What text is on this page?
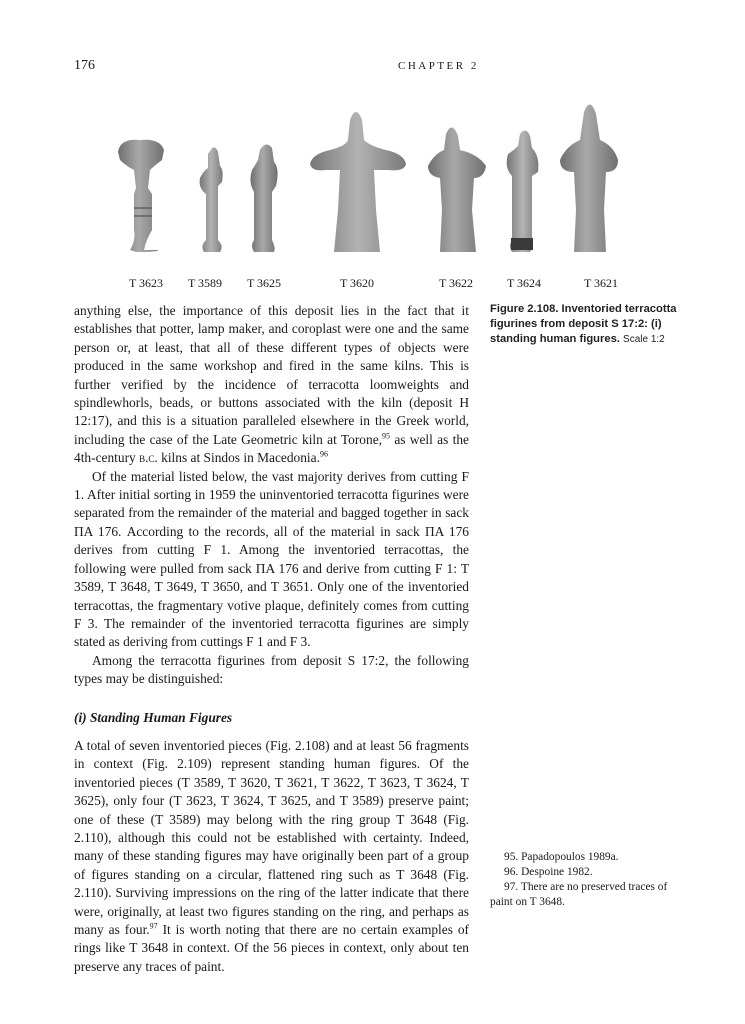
176	CHAPTER 2
T 3623 T 3589 T 3625	T 3620	T 3622	T 3624	T 3621
Figure 2.108. Inventoried terracotta figurines from deposit S 17:2: (i) standing human figures. Scale 1:2

anything else, the importance of this deposit lies in the fact that it establishes that potter, lamp maker, and coroplast were one and the same person or, at least, that all of these different types of objects were produced in the same workshop and fired in the same kilns. This is further verified by the incidence of terracotta loomweights and spindlewhorls, beads, or buttons associated with the kiln (deposit H 12:17), and this is a situation paralleled elsewhere in the Greek world, including the case of the Late Geometric kiln at Torone,$^{95}$ as well as the 4th-century b.c. kilns at Sindos in Macedonia.$^{96}$

Of the material listed below, the vast majority derives from cutting F 1. After initial sorting in 1959 the uninventoried terracotta figurines were separated from the remainder of the material and bagged together in sack ΠΑ 176. According to the records, all of the material in sack ΠΑ 176 derives from cutting F 1. Among the inventoried terracottas, the following were pulled from sack ΠΑ 176 and derive from cutting F 1: T 3589, T 3648, T 3649, T 3650, and T 3651. Only one of the inventoried terracottas, the fragmentary votive plaque, definitely comes from cutting F 3. The remainder of the inventoried terracotta figurines are simply stated as deriving from cuttings F 1 and F 3.

Among the terracotta figurines from deposit S 17:2, the following types may be distinguished:

(i) Standing Human Figures

A total of seven inventoried pieces (Fig. 2.108) and at least 56 fragments in context (Fig. 2.109) represent standing human figures. Of the inventoried pieces (T 3589, T 3620, T 3621, T 3622, T 3623, T 3624, T 3625), only four (T 3623, T 3624, T 3625, and T 3589) preserve paint; one of these (T 3589) may belong with the ring group T 3648 (Fig. 2.110), although this could not be established with certainty. Indeed, many of these standing figures may have originally been part of a group of figures standing on a circular, flattened ring such as T 3648 (Fig. 2.110). Surviving impressions on the ring of the latter indicate that there were, originally, at least two figures standing on the ring, and perhaps as many as four.$^{97}$ It is worth noting that there are no certain examples of rings like T 3648 in context. Of the 56 pieces in context, only about ten preserve any traces of paint.

95. Papadopoulos 1989a.

96. Despoine 1982.

97. There are no preserved traces of paint on T 3648.
